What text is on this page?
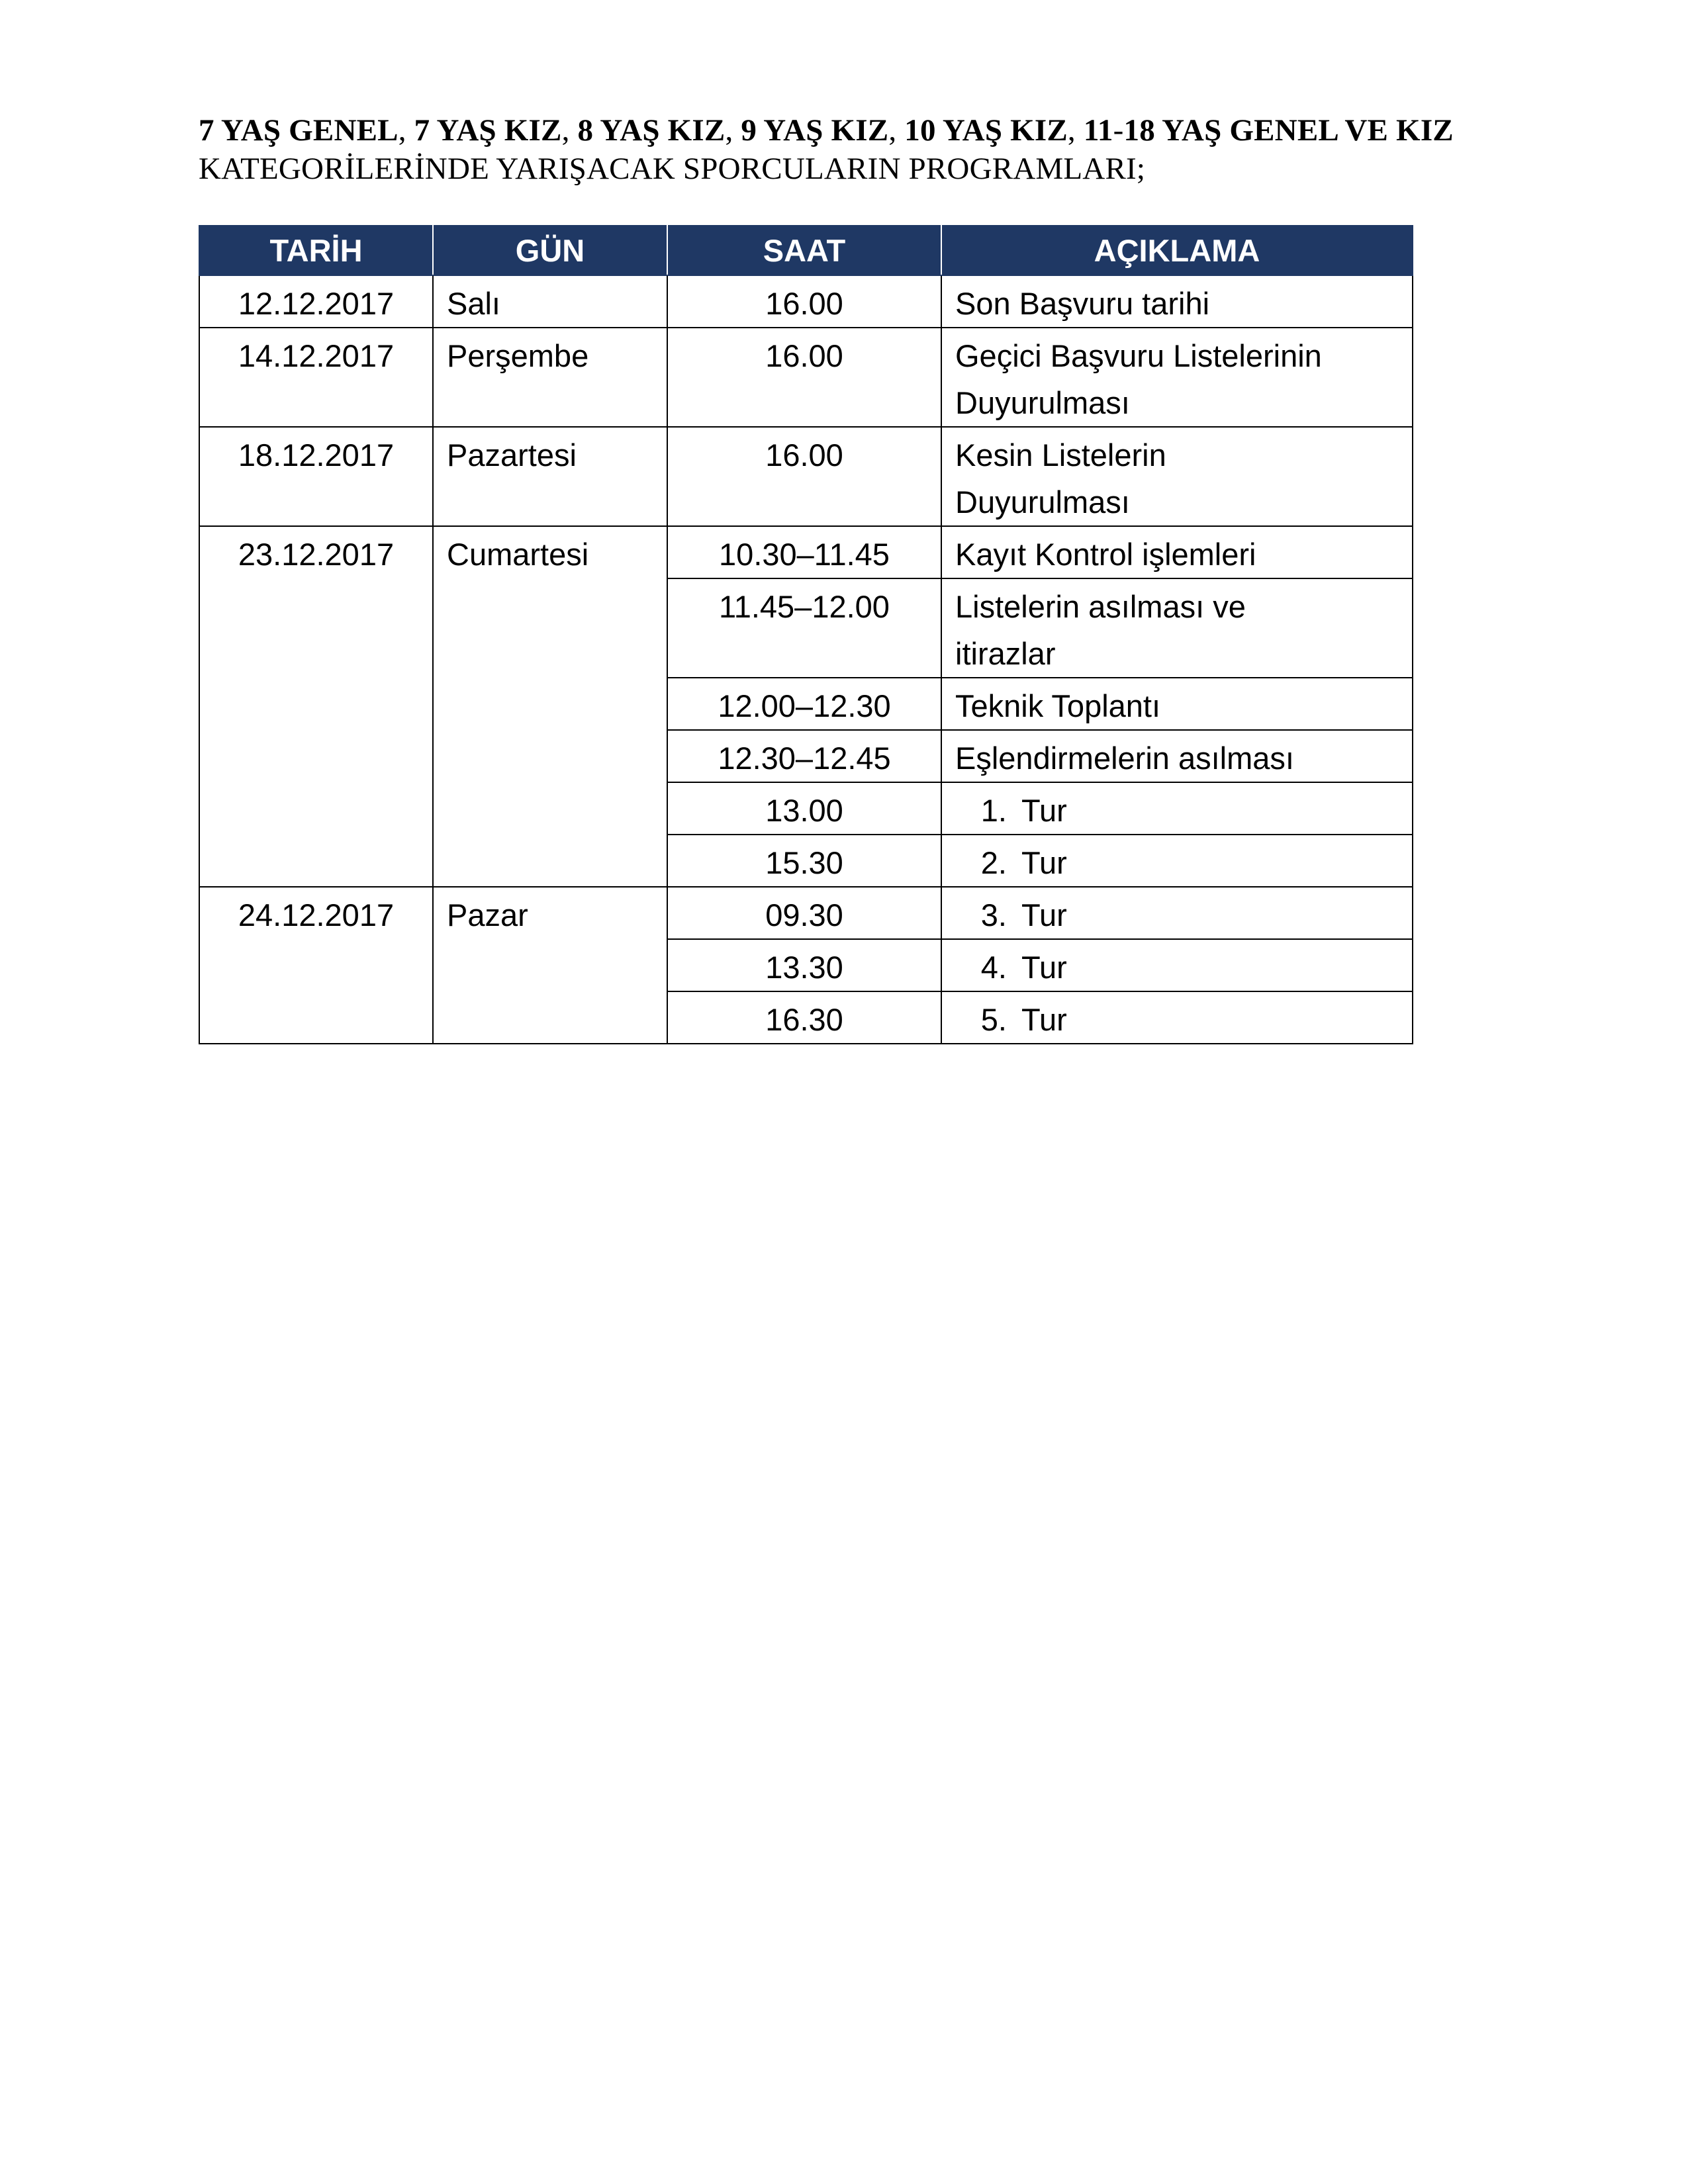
7 YAŞ GENEL, 7 YAŞ KIZ, 8 YAŞ KIZ, 9 YAŞ KIZ, 10 YAŞ KIZ, 11-18 YAŞ GENEL VE KIZ KATEGORİLERİNDE YARIŞACAK SPORCULARIN PROGRAMLARI;
TARİH	GÜN	SAAT	AÇIKLAMA
12.12.2017	Salı	16.00	Son Başvuru tarihi
14.12.2017	Perşembe	16.00	Geçici Başvuru Listelerinin
Duyurulması
18.12.2017	Pazartesi	16.00	Kesin Listelerin
Duyurulması
23.12.2017	Cumartesi	10.30–11.45	Kayıt Kontrol işlemleri
		11.45–12.00	Listelerin asılması ve
itirazlar
		12.00–12.30	Teknik Toplantı
		12.30–12.45	Eşlendirmelerin asılması
		13.00	1. Tur
		15.30	2. Tur
24.12.2017	Pazar	09.30	3. Tur
		13.30	4. Tur
		16.30	5. Tur
